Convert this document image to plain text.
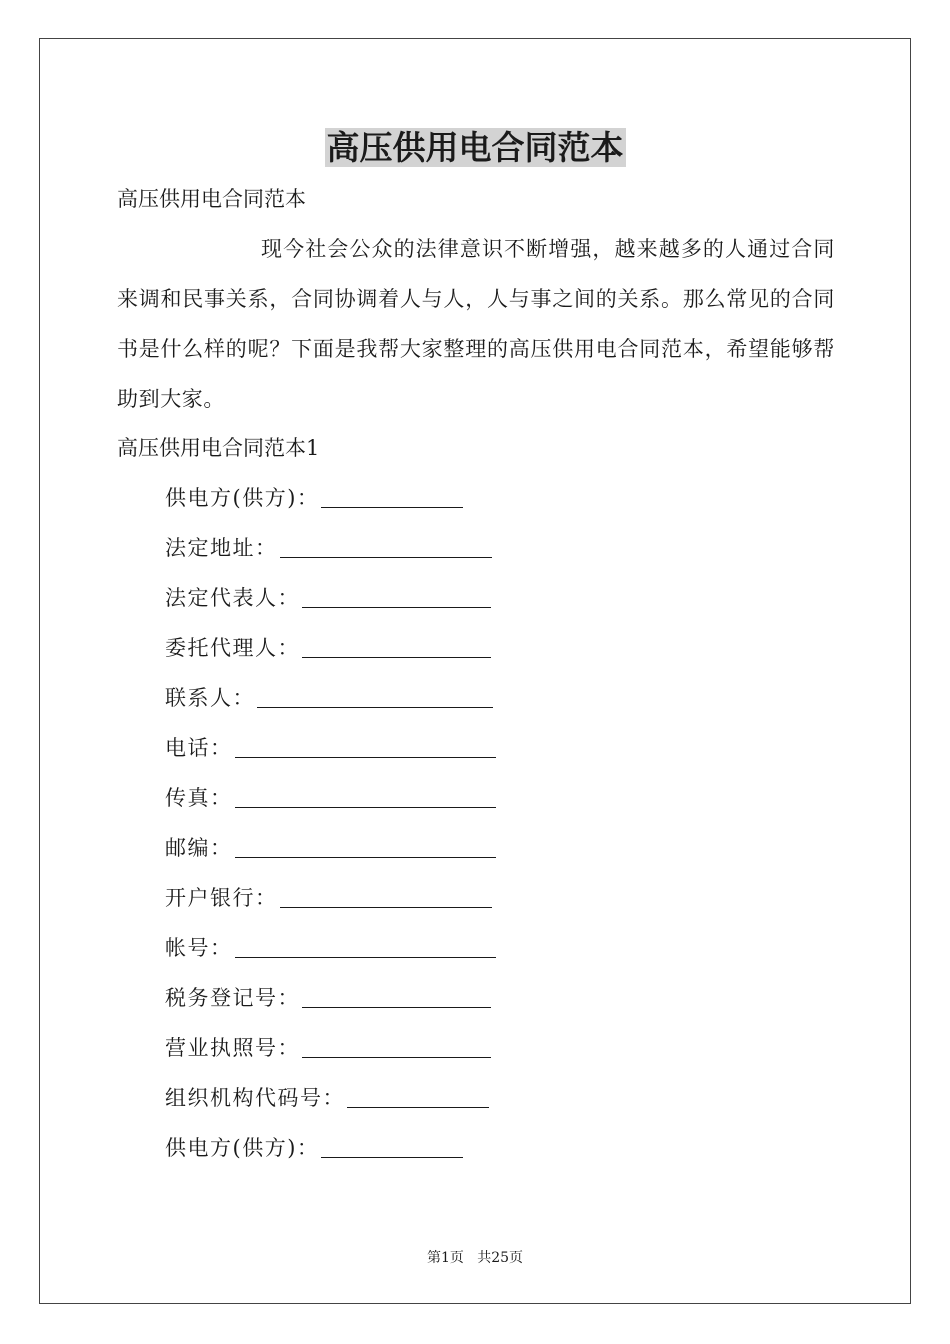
高压供用电合同范本
高压供用电合同范本

现今社会公众的法律意识不断增强，越来越多的人通过合同来调和民事关系，合同协调着人与人，人与事之间的关系。那么常见的合同书是什么样的呢？下面是我帮大家整理的高压供用电合同范本，希望能够帮助到大家。

高压供用电合同范本1
供电方(供方)：
法定地址：
法定代表人：
委托代理人：
联系人：
电话：
传真：
邮编：
开户银行：
帐号：
税务登记号：
营业执照号：
组织机构代码号：
供电方(供方)：
第1页   共25页
